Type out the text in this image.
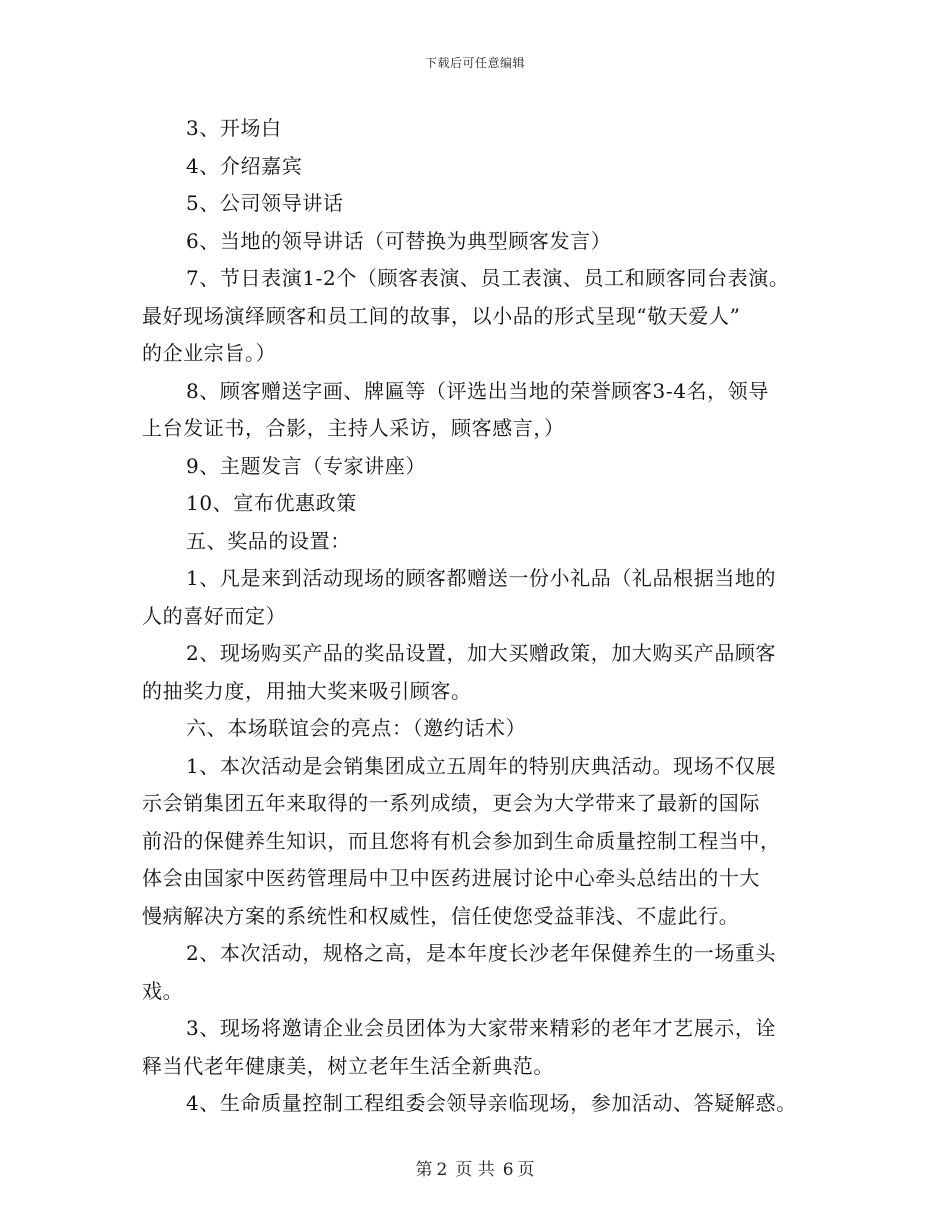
下载后可任意编辑
3、开场白
4、介绍嘉宾
5、公司领导讲话
6、当地的领导讲话（可替换为典型顾客发言）
7、节日表演1-2个（顾客表演、员工表演、员工和顾客同台表演。
最好现场演绎顾客和员工间的故事，以小品的形式呈现“敬天爱人”
的企业宗旨。）
8、顾客赠送字画、牌匾等（评选出当地的荣誉顾客3-4名，领导
上台发证书，合影，主持人采访，顾客感言，）
9、主题发言（专家讲座）
10、宣布优惠政策
五、奖品的设置：
1、凡是来到活动现场的顾客都赠送一份小礼品（礼品根据当地的
人的喜好而定）
2、现场购买产品的奖品设置，加大买赠政策，加大购买产品顾客
的抽奖力度，用抽大奖来吸引顾客。
六、本场联谊会的亮点：（邀约话术）
1、本次活动是会销集团成立五周年的特别庆典活动。现场不仅展
示会销集团五年来取得的一系列成绩，更会为大学带来了最新的国际
前沿的保健养生知识，而且您将有机会参加到生命质量控制工程当中，
体会由国家中医药管理局中卫中医药进展讨论中心牵头总结出的十大
慢病解决方案的系统性和权威性，信任使您受益菲浅、不虚此行。
2、本次活动，规格之高，是本年度长沙老年保健养生的一场重头
戏。
3、现场将邀请企业会员团体为大家带来精彩的老年才艺展示，诠
释当代老年健康美，树立老年生活全新典范。
4、生命质量控制工程组委会领导亲临现场，参加活动、答疑解惑。
第 2 页 共 6 页
